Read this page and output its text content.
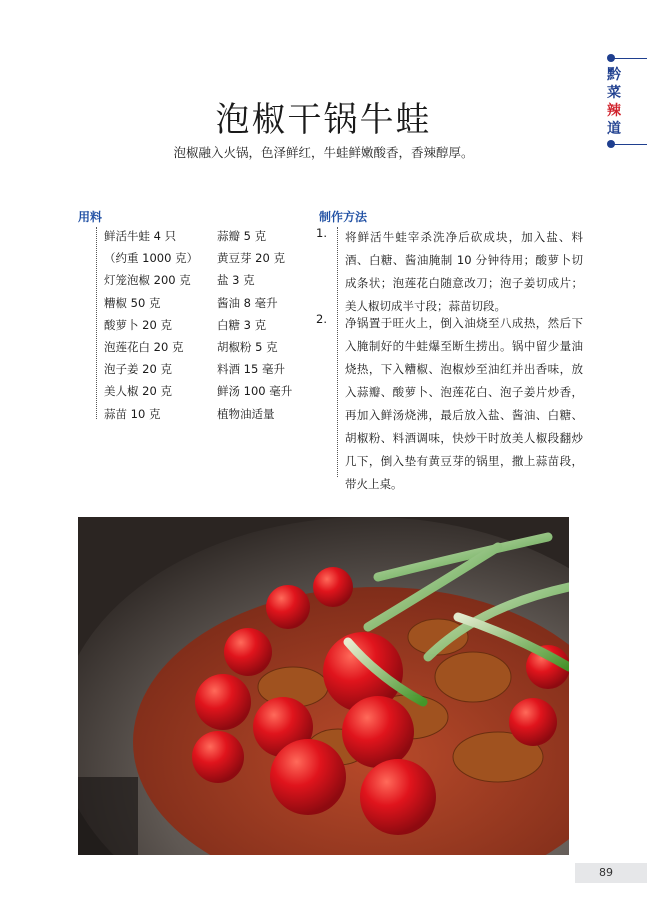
黔
菜
辣
道
泡椒干锅牛蛙
泡椒融入火锅，色泽鲜红，牛蛙鲜嫩酸香，香辣醇厚。
用料
鲜活牛蛙 4 只
（约重 1000 克）
灯笼泡椒 200 克
糟椒 50 克
酸萝卜 20 克
泡莲花白 20 克
泡子姜 20 克
美人椒 20 克
蒜苗 10 克
蒜瓣 5 克
黄豆芽 20 克
盐 3 克
酱油 8 毫升
白糖 3 克
胡椒粉 5 克
料酒 15 毫升
鲜汤 100 毫升
植物油适量
制作方法
1. 将鲜活牛蛙宰杀洗净后砍成块，加入盐、料酒、白糖、酱油腌制 10 分钟待用；酸萝卜切成条状；泡莲花白随意改刀；泡子姜切成片；美人椒切成半寸段；蒜苗切段。
2. 净锅置于旺火上，倒入油烧至八成热，然后下入腌制好的牛蛙爆至断生捞出。锅中留少量油烧热，下入糟椒、泡椒炒至油红并出香味，放入蒜瓣、酸萝卜、泡莲花白、泡子姜片炒香，再加入鲜汤烧沸，最后放入盐、酱油、白糖、胡椒粉、料酒调味，快炒干时放美人椒段翻炒几下，倒入垫有黄豆芽的锅里，撒上蒜苗段，带火上桌。
89
